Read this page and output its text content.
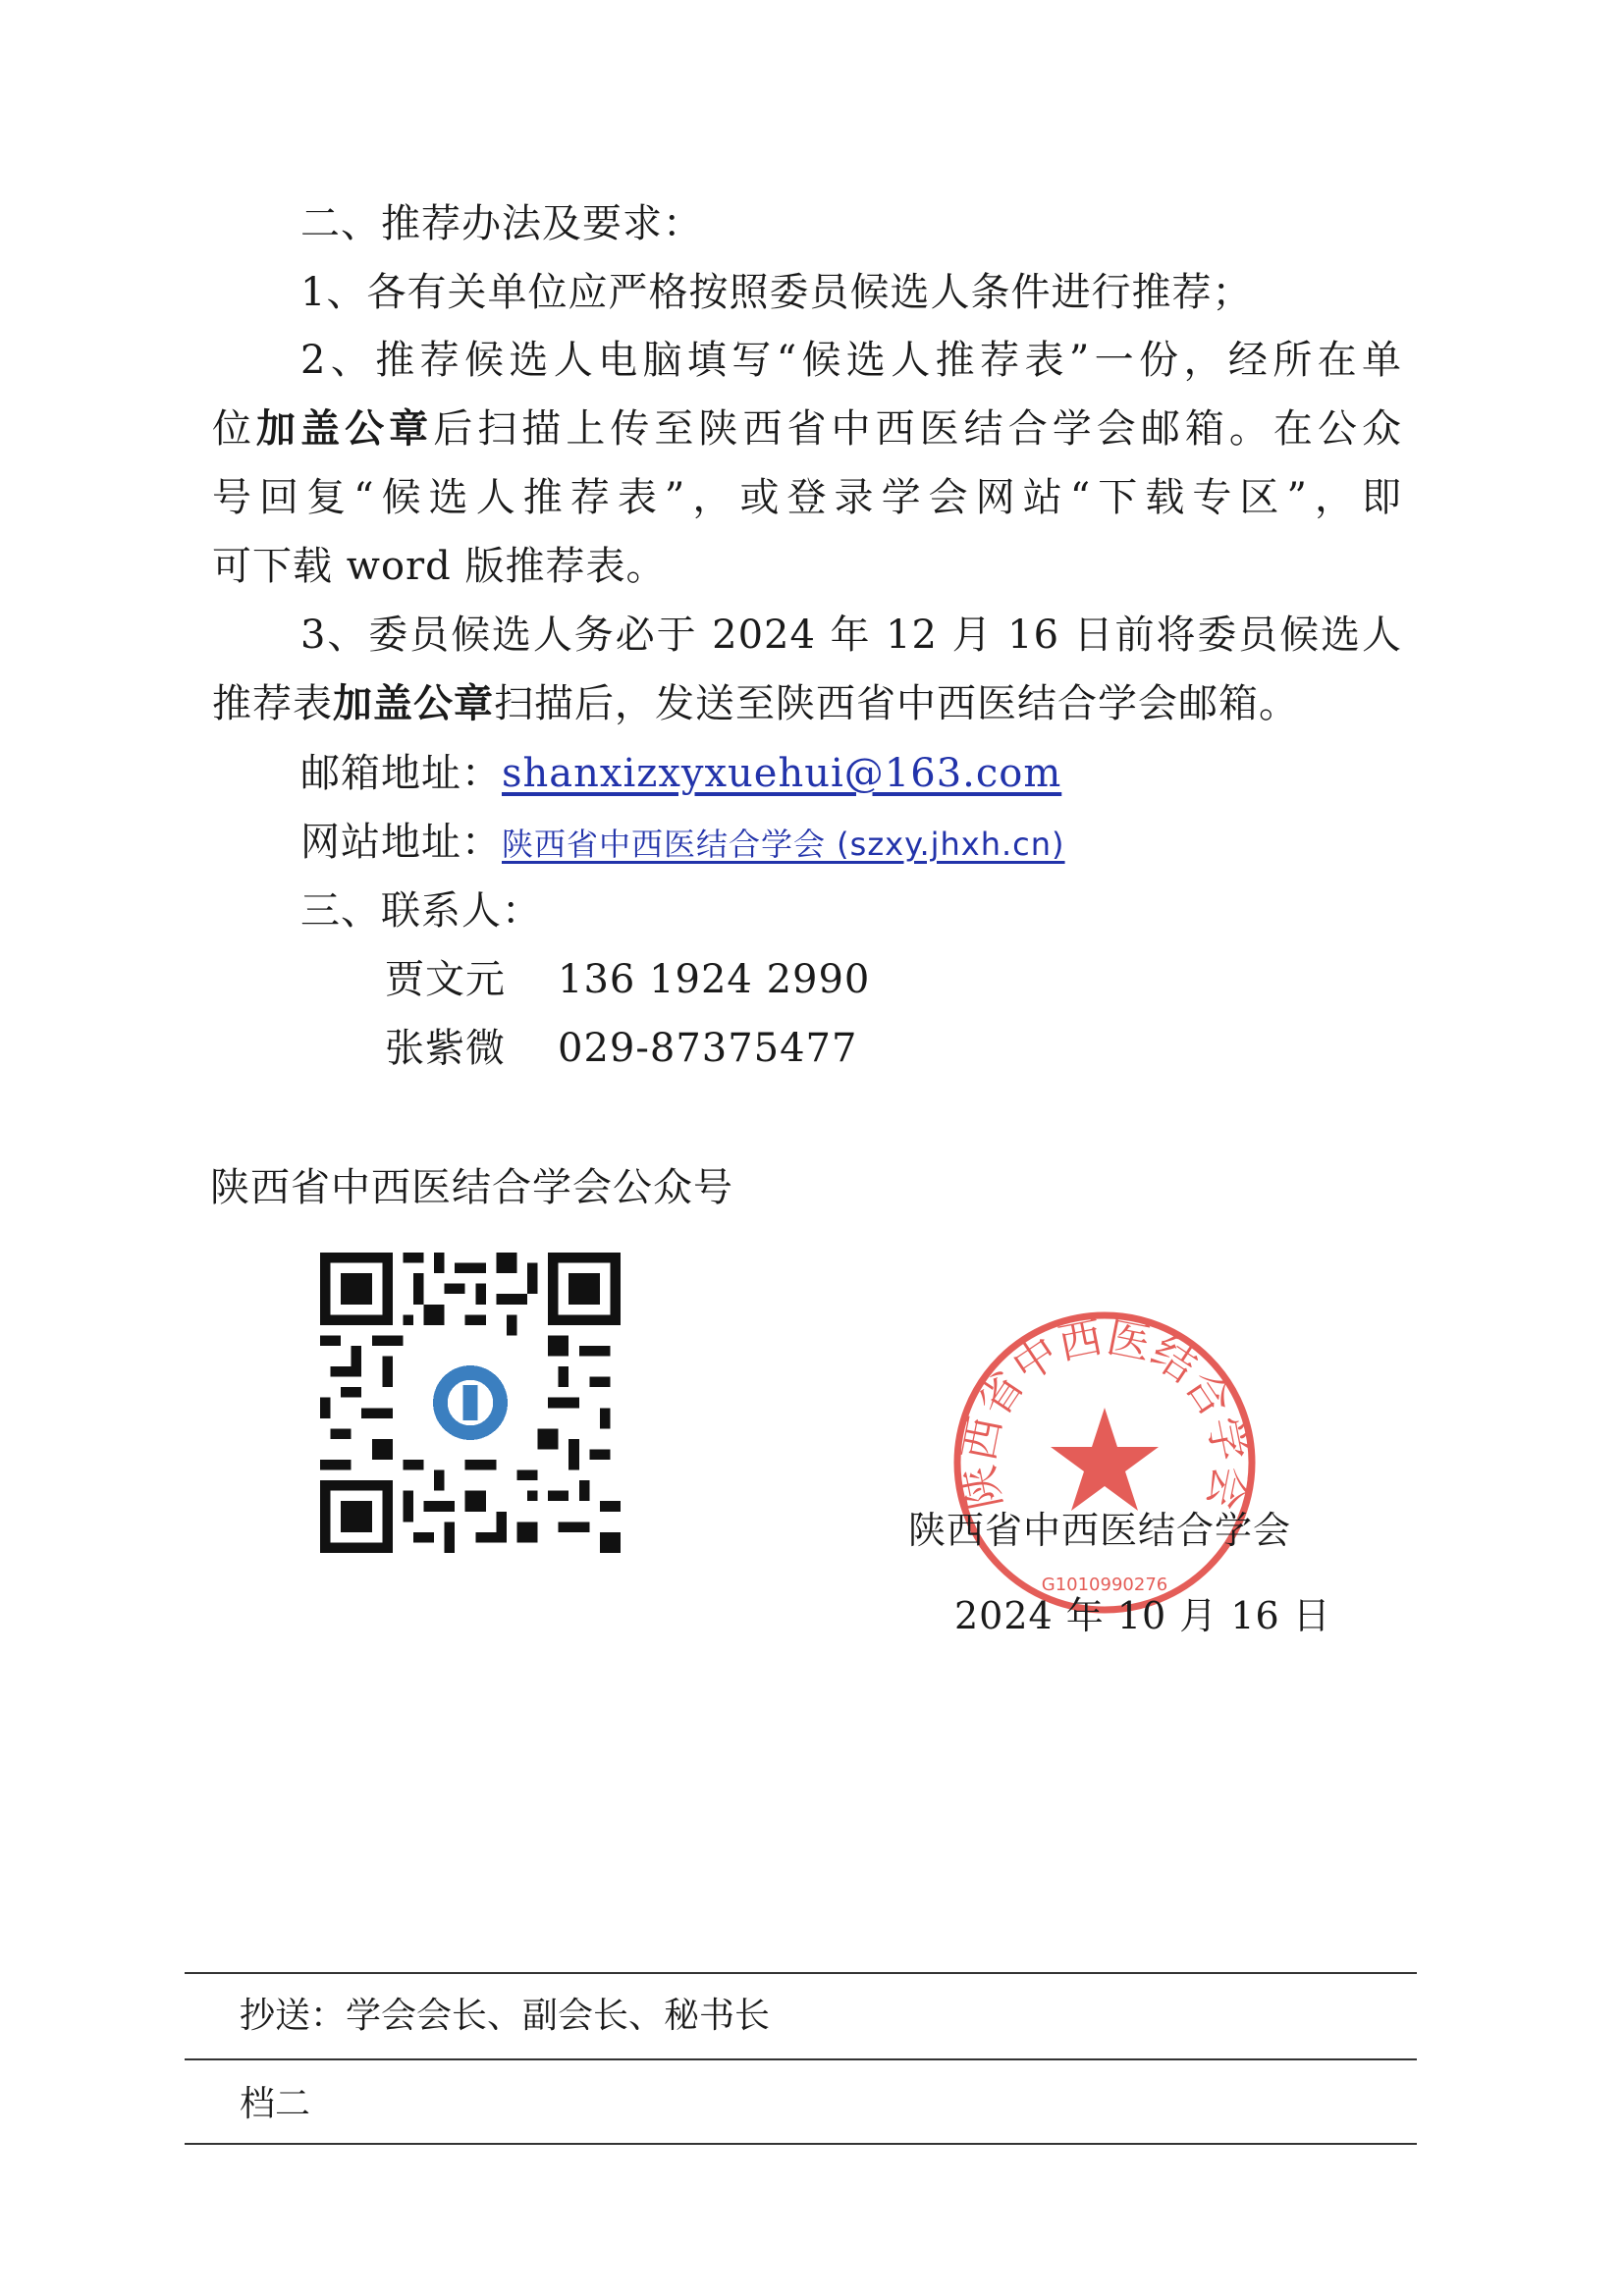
二、推荐办法及要求：
1、各有关单位应严格按照委员候选人条件进行推荐；
2、推荐候选人电脑填写“候选人推荐表”一份，经所在单
位加盖公章后扫描上传至陕西省中西医结合学会邮箱。在公众
号回复“候选人推荐表”，或登录学会网站“下载专区”，即
可下载 word 版推荐表。
3、委员候选人务必于 2024 年 12 月 16 日前将委员候选人
推荐表加盖公章扫描后，发送至陕西省中西医结合学会邮箱。
邮箱地址：shanxizxyxuehui@163.com
网站地址：陕西省中西医结合学会 (szxy.jhxh.cn)
三、联系人：
贾文元 136 1924 2990
张紫微 029-87375477
陕西省中西医结合学会公众号
陕西省中西医结合学会
G1010990276
陕西省中西医结合学会
2024 年 10 月 16 日
抄送：学会会长、副会长、秘书长
档二
